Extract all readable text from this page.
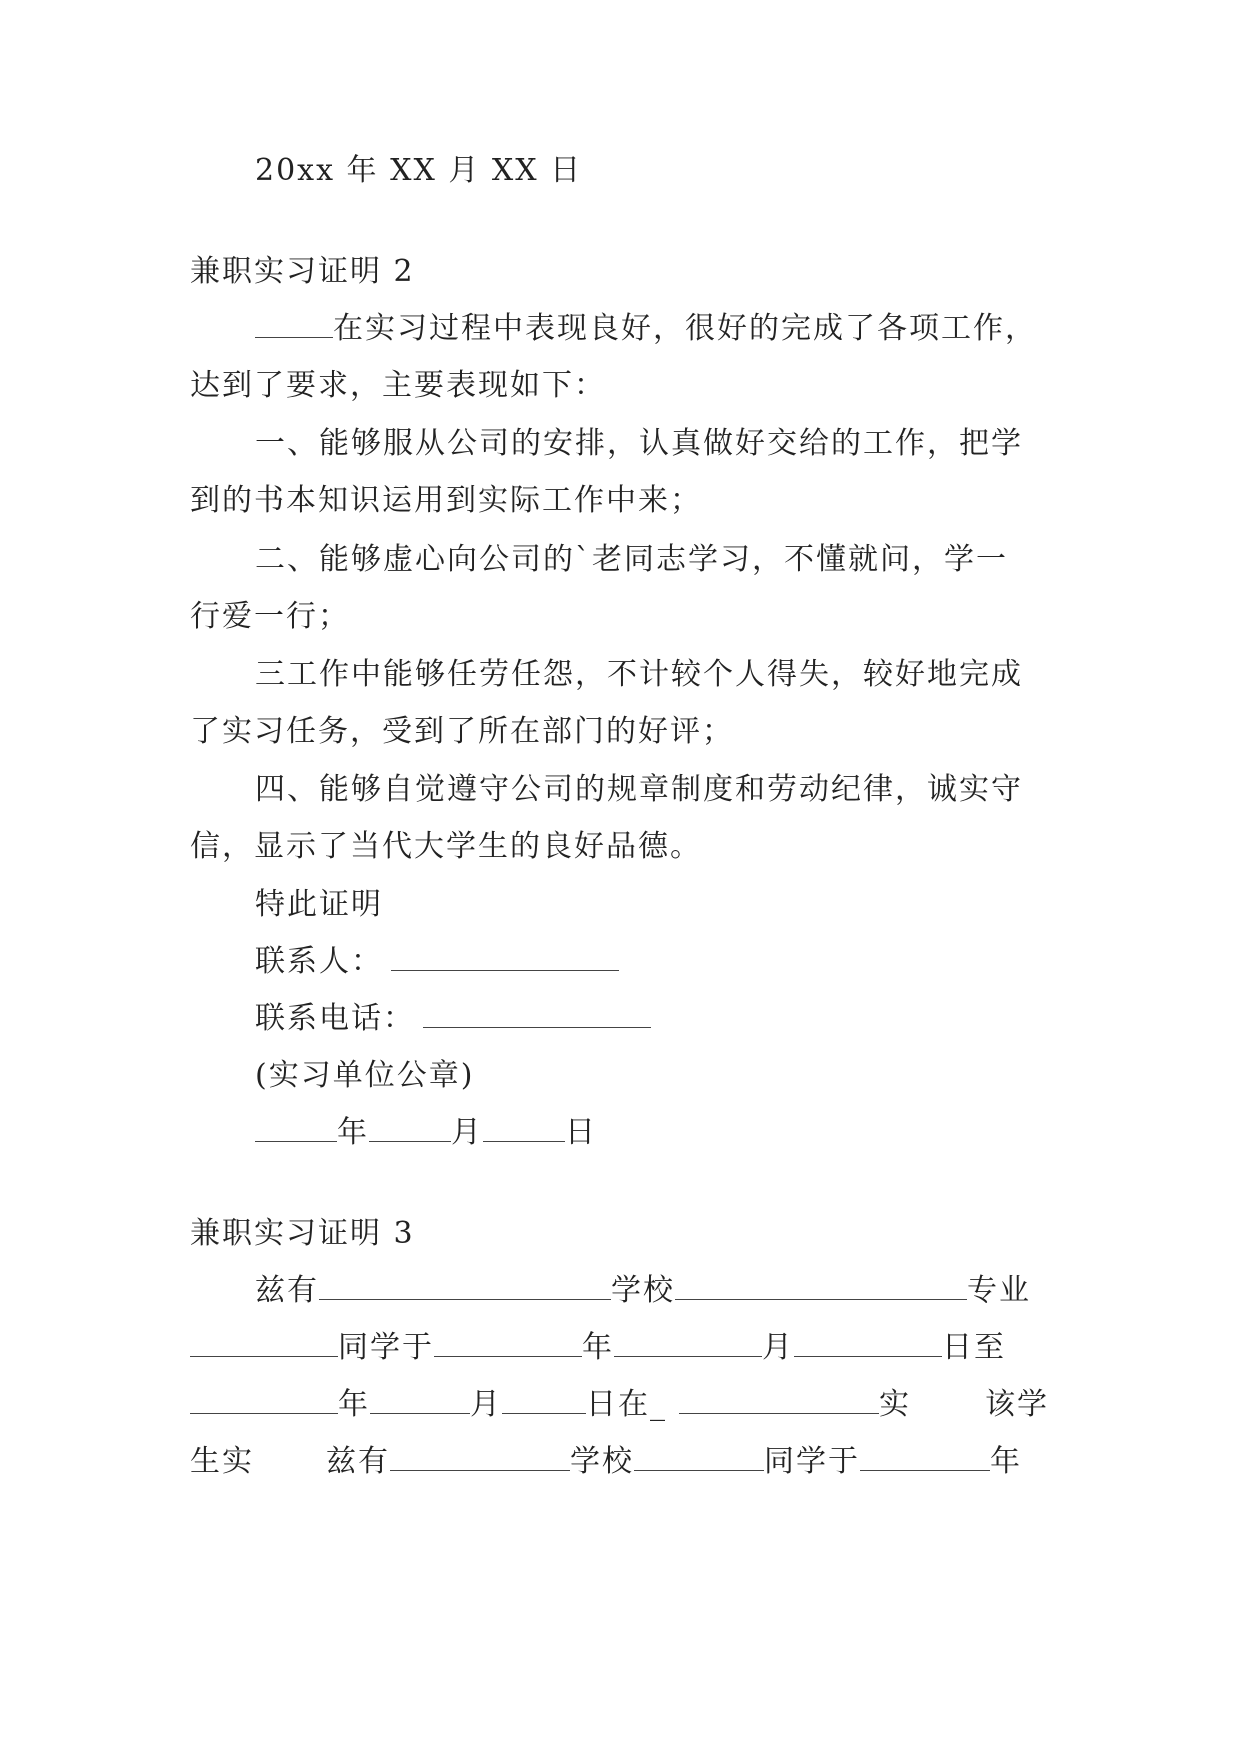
20xx 年 XX 月 XX 日
兼职实习证明 2
在实习过程中表现良好，很好的完成了各项工作，
达到了要求，主要表现如下：
一、能够服从公司的安排，认真做好交给的工作，把学
到的书本知识运用到实际工作中来；
二、能够虚心向公司的`老同志学习，不懂就问，学一
行爱一行；
三工作中能够任劳任怨，不计较个人得失，较好地完成
了实习任务，受到了所在部门的好评；
四、能够自觉遵守公司的规章制度和劳动纪律，诚实守
信，显示了当代大学生的良好品德。
特此证明
联系人：
联系电话：
(实习单位公章)
年	月	日
兼职实习证明 3
兹有	学校	专业
同学于	年	月	日至
年	月	日在_	实 该学
生实 兹有	学校	同学于	年
